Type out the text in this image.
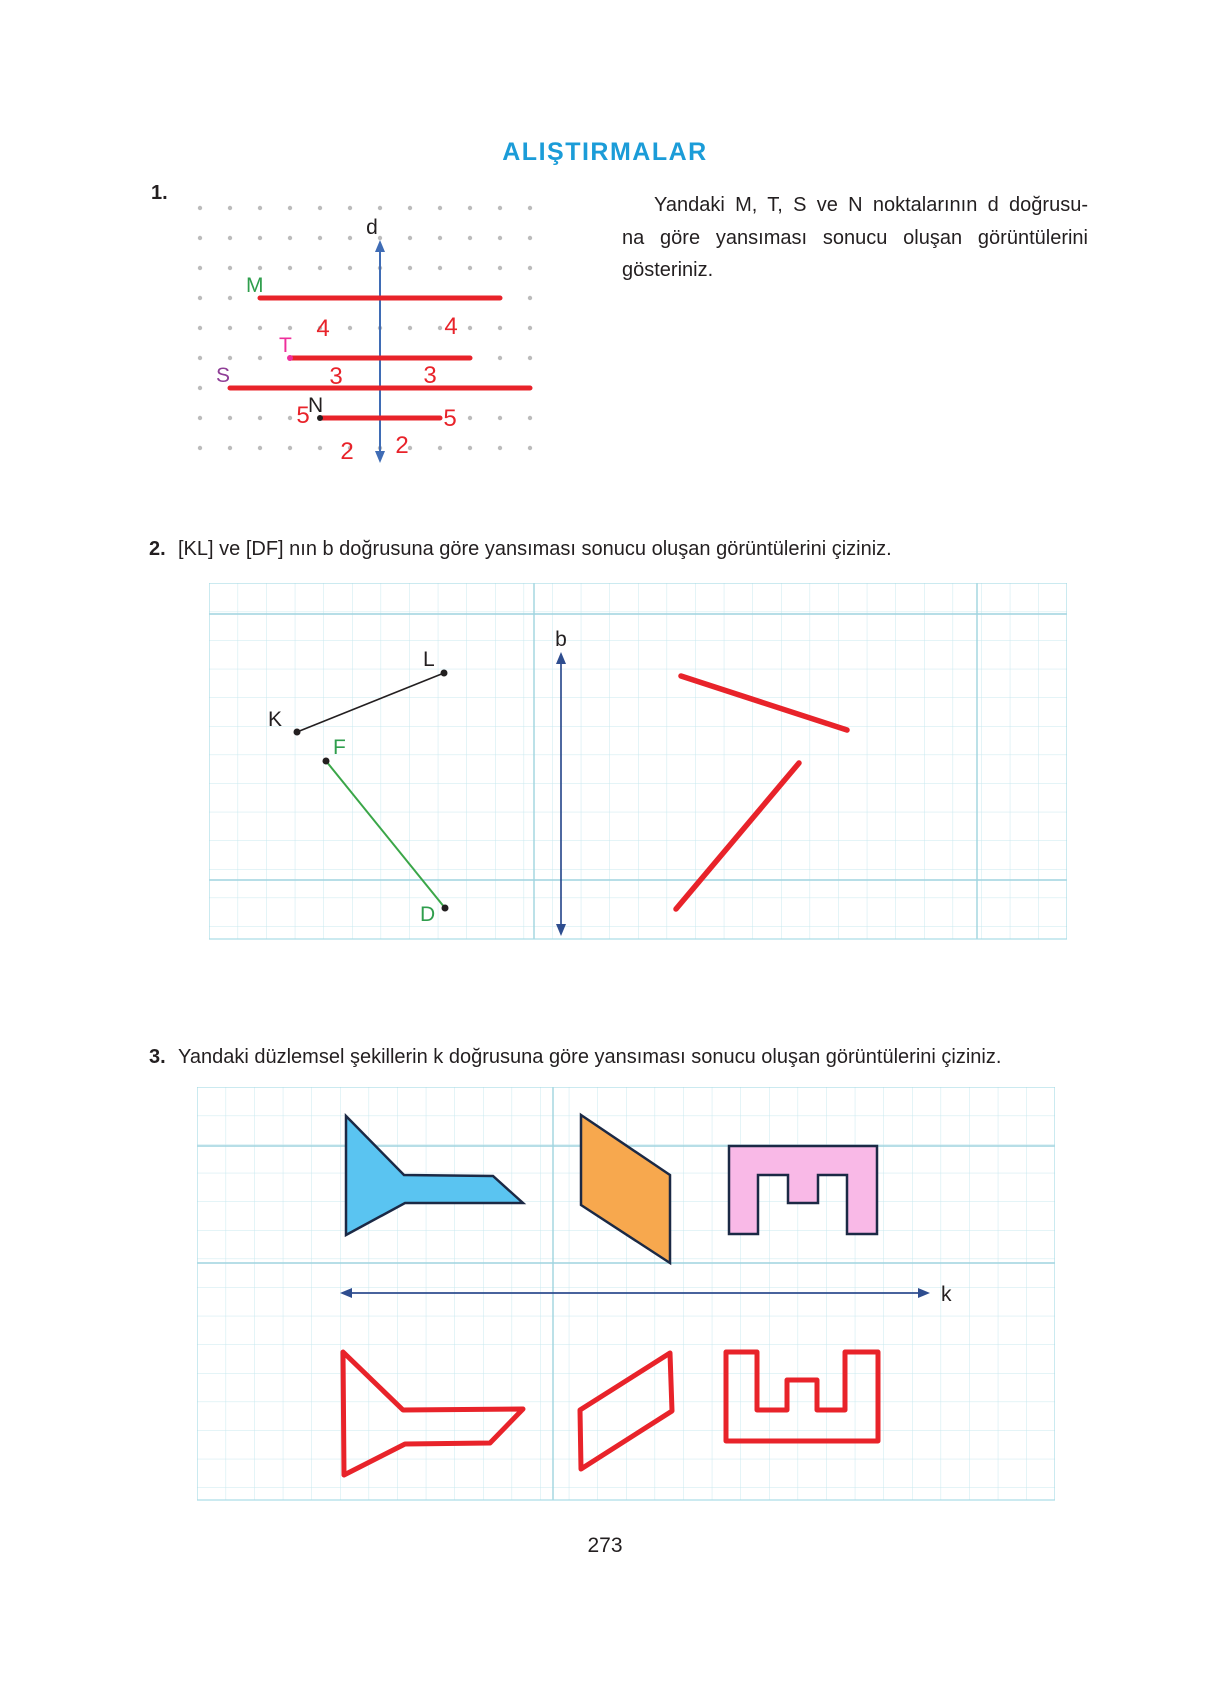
ALIŞTIRMALAR
1.
d
M
T
S
N
4	4
3	3
5	5
2 2

Yandaki M, T, S ve N noktalarının d doğrusu-
na göre yansıması sonucu oluşan görüntülerini
gösteriniz.

2. [KL] ve [DF] nın b doğrusuna göre yansıması sonucu oluşan görüntülerini çiziniz.

b
K
L
F
D
3. Yandaki düzlemsel şekillerin k doğrusuna göre yansıması sonucu oluşan görüntülerini çiziniz.

k
273
